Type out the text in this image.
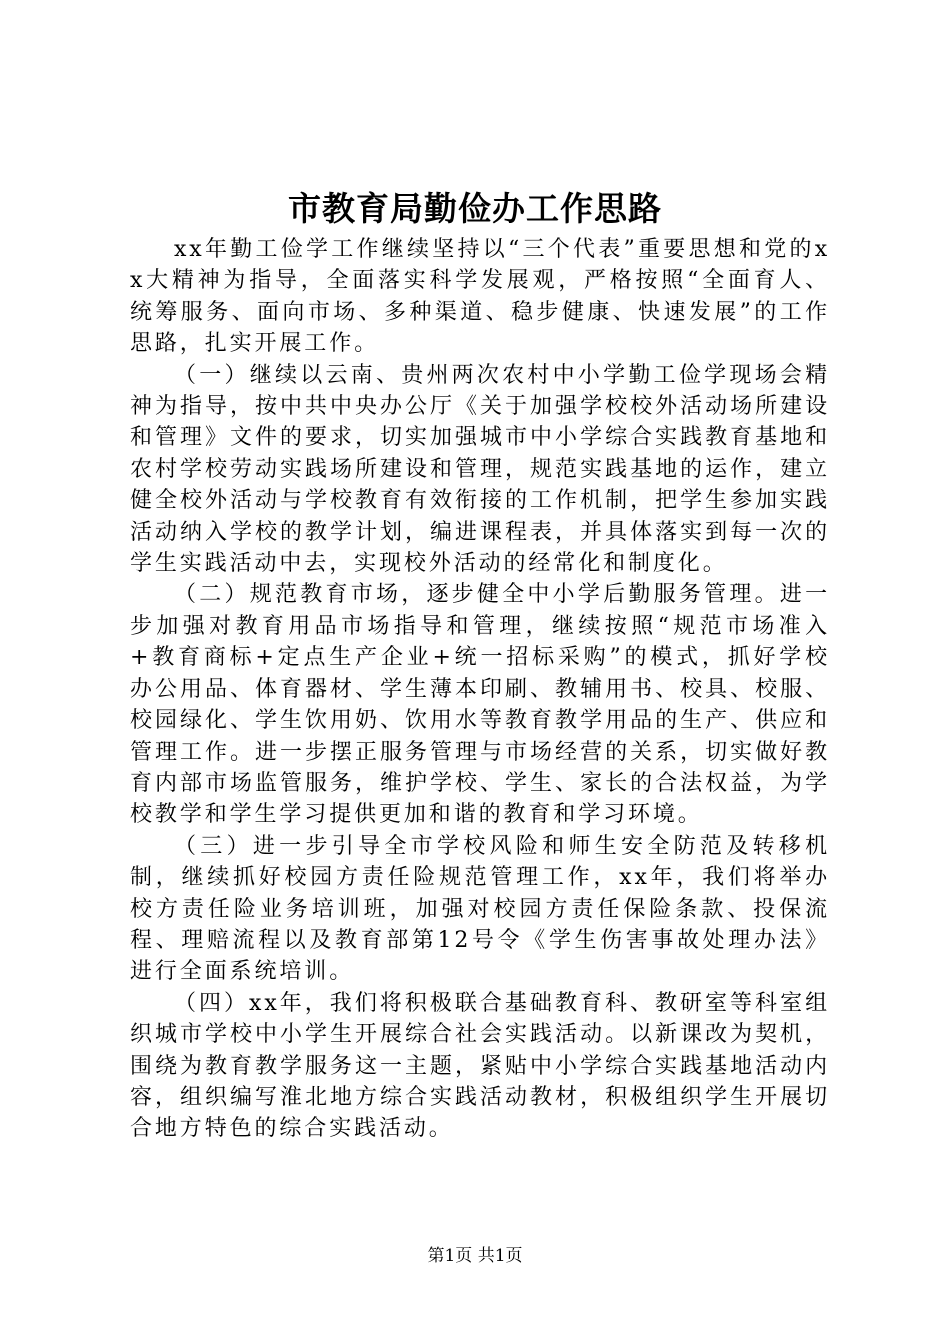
市教育局勤俭办工作思路

xx年勤工俭学工作继续坚持以“三个代表”重要思想和党的xx大精神为指导，全面落实科学发展观，严格按照“全面育人、统筹服务、面向市场、多种渠道、稳步健康、快速发展”的工作思路，扎实开展工作。

（一）继续以云南、贵州两次农村中小学勤工俭学现场会精神为指导，按中共中央办公厅《关于加强学校校外活动场所建设和管理》文件的要求，切实加强城市中小学综合实践教育基地和农村学校劳动实践场所建设和管理，规范实践基地的运作，建立健全校外活动与学校教育有效衔接的工作机制，把学生参加实践活动纳入学校的教学计划，编进课程表，并具体落实到每一次的学生实践活动中去，实现校外活动的经常化和制度化。

（二）规范教育市场，逐步健全中小学后勤服务管理。进一步加强对教育用品市场指导和管理，继续按照“规范市场准入+教育商标+定点生产企业+统一招标采购”的模式，抓好学校办公用品、体育器材、学生薄本印刷、教辅用书、校具、校服、校园绿化、学生饮用奶、饮用水等教育教学用品的生产、供应和管理工作。进一步摆正服务管理与市场经营的关系，切实做好教育内部市场监管服务，维护学校、学生、家长的合法权益，为学校教学和学生学习提供更加和谐的教育和学习环境。

（三）进一步引导全市学校风险和师生安全防范及转移机制，继续抓好校园方责任险规范管理工作，xx年，我们将举办校方责任险业务培训班，加强对校园方责任保险条款、投保流程、理赔流程以及教育部第12号令《学生伤害事故处理办法》进行全面系统培训。

（四）xx年，我们将积极联合基础教育科、教研室等科室组织城市学校中小学生开展综合社会实践活动。以新课改为契机，围绕为教育教学服务这一主题，紧贴中小学综合实践基地活动内容，组织编写淮北地方综合实践活动教材，积极组织学生开展切合地方特色的综合实践活动。

第1页 共1页
